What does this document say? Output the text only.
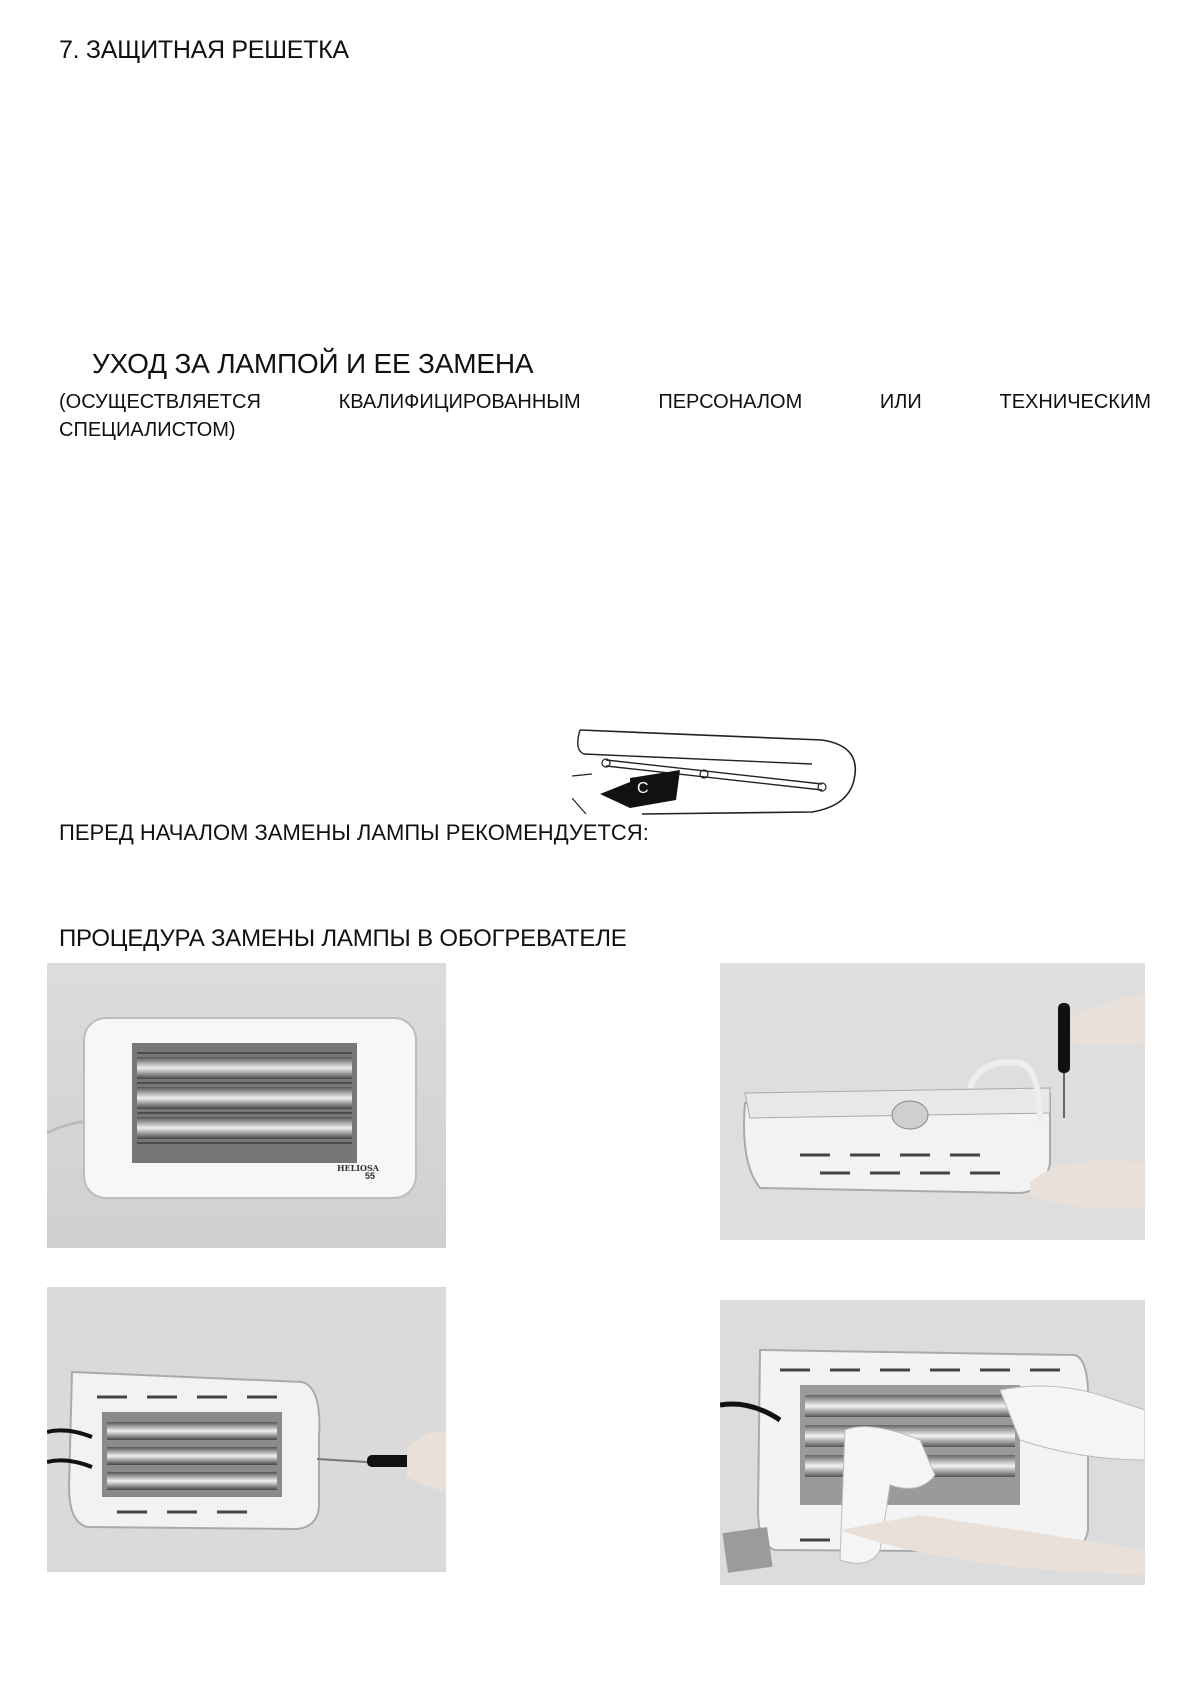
7. ЗАЩИТНАЯ РЕШЕТКА
УХОД ЗА ЛАМПОЙ И ЕЕ ЗАМЕНА
(ОСУЩЕСТВЛЯЕТСЯ КВАЛИФИЦИРОВАННЫМ ПЕРСОНАЛОМ ИЛИ ТЕХНИЧЕСКИМ
СПЕЦИАЛИСТОМ)
C
ПЕРЕД НАЧАЛОМ ЗАМЕНЫ ЛАМПЫ РЕКОМЕНДУЕТСЯ:
ПРОЦЕДУРА ЗАМЕНЫ ЛАМПЫ В ОБОГРЕВАТЕЛЕ
HELIOSA
55
